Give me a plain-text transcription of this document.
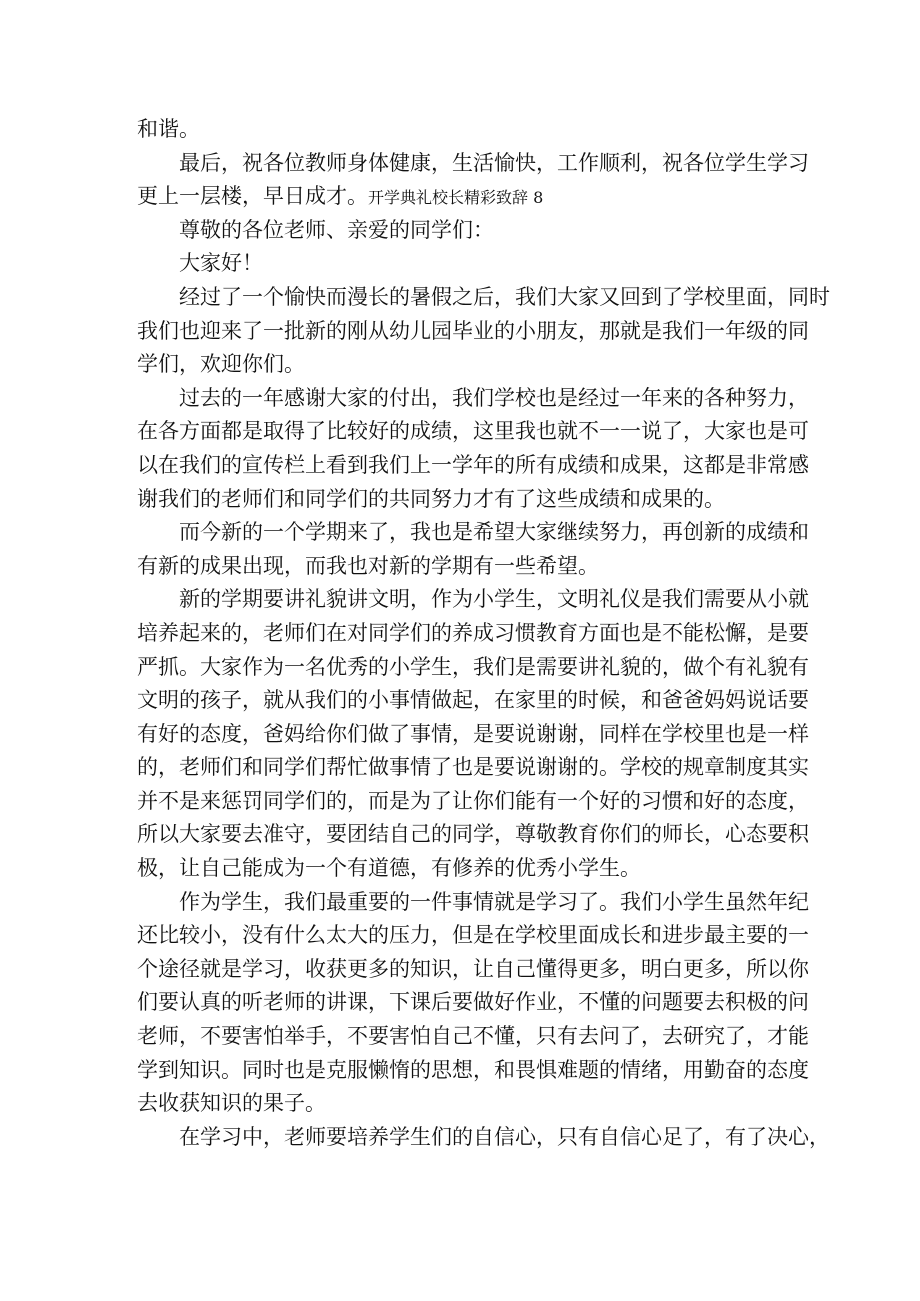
和谐。
最后，祝各位教师身体健康，生活愉快，工作顺利，祝各位学生学习
更上一层楼，早日成才。开学典礼校长精彩致辞 8
尊敬的各位老师、亲爱的同学们：
大家好！
经过了一个愉快而漫长的暑假之后，我们大家又回到了学校里面，同时
我们也迎来了一批新的刚从幼儿园毕业的小朋友，那就是我们一年级的同
学们，欢迎你们。
过去的一年感谢大家的付出，我们学校也是经过一年来的各种努力，
在各方面都是取得了比较好的成绩，这里我也就不一一说了，大家也是可
以在我们的宣传栏上看到我们上一学年的所有成绩和成果，这都是非常感
谢我们的老师们和同学们的共同努力才有了这些成绩和成果的。
而今新的一个学期来了，我也是希望大家继续努力，再创新的成绩和
有新的成果出现，而我也对新的学期有一些希望。
新的学期要讲礼貌讲文明，作为小学生，文明礼仪是我们需要从小就
培养起来的，老师们在对同学们的养成习惯教育方面也是不能松懈，是要
严抓。大家作为一名优秀的小学生，我们是需要讲礼貌的，做个有礼貌有
文明的孩子，就从我们的小事情做起，在家里的时候，和爸爸妈妈说话要
有好的态度，爸妈给你们做了事情，是要说谢谢，同样在学校里也是一样
的，老师们和同学们帮忙做事情了也是要说谢谢的。学校的规章制度其实
并不是来惩罚同学们的，而是为了让你们能有一个好的习惯和好的态度，
所以大家要去准守，要团结自己的同学，尊敬教育你们的师长，心态要积
极，让自己能成为一个有道德，有修养的优秀小学生。
作为学生，我们最重要的一件事情就是学习了。我们小学生虽然年纪
还比较小，没有什么太大的压力，但是在学校里面成长和进步最主要的一
个途径就是学习，收获更多的知识，让自己懂得更多，明白更多，所以你
们要认真的听老师的讲课，下课后要做好作业，不懂的问题要去积极的问
老师，不要害怕举手，不要害怕自己不懂，只有去问了，去研究了，才能
学到知识。同时也是克服懒惰的思想，和畏惧难题的情绪，用勤奋的态度
去收获知识的果子。
在学习中，老师要培养学生们的自信心，只有自信心足了，有了决心，
